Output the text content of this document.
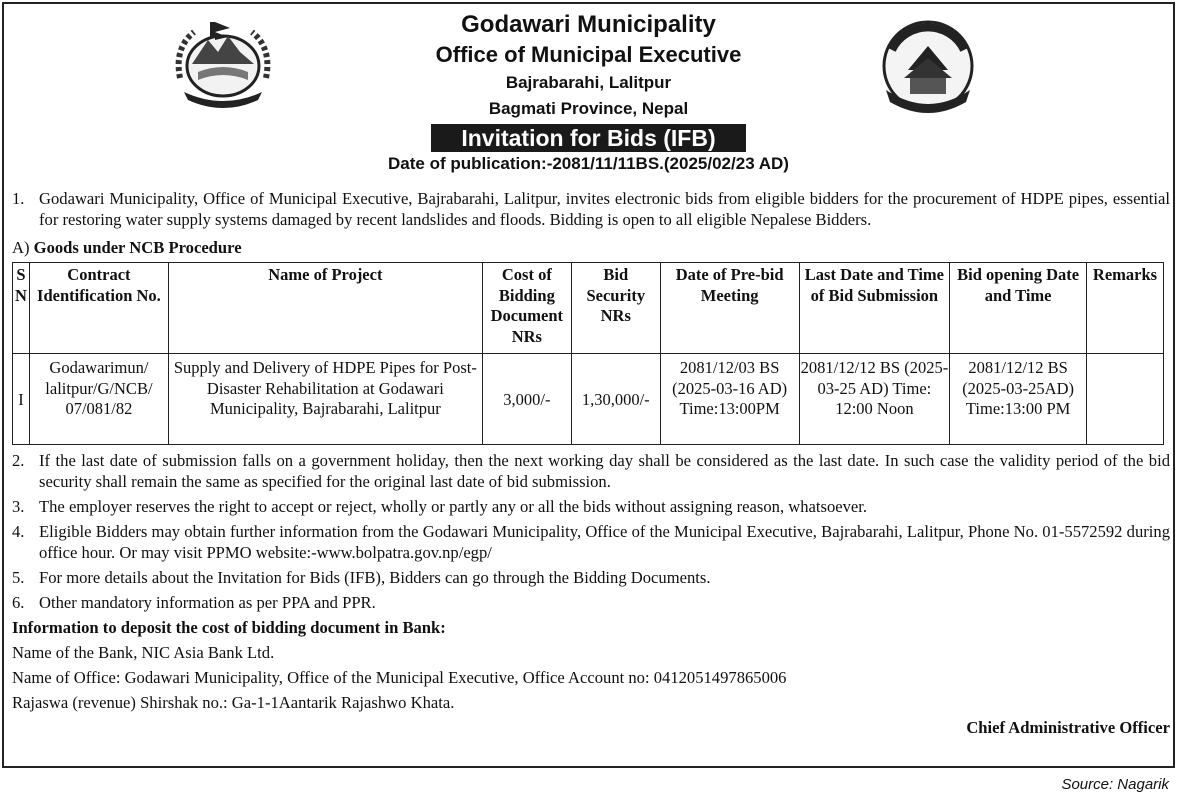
Godawari Municipality
Office of Municipal Executive
Bajrabarahi, Lalitpur
Bagmati Province, Nepal
Invitation for Bids (IFB)
Date of publication:-2081/11/11BS.(2025/02/23 AD)
1. Godawari Municipality, Office of Municipal Executive, Bajrabarahi, Lalitpur, invites electronic bids from eligible bidders for the procurement of HDPE pipes, essential for restoring water supply systems damaged by recent landslides and floods. Bidding is open to all eligible Nepalese Bidders.
A) Goods under NCB Procedure
S N	Contract Identification No.	Name of Project	Cost of Bidding Document NRs	Bid Security NRs	Date of Pre-bid Meeting	Last Date and Time of Bid Submission	Bid opening Date and Time	Remarks
I	Godawarimun/ lalitpur/G/NCB/ 07/081/82	Supply and Delivery of HDPE Pipes for Post-Disaster Rehabilitation at Godawari Municipality, Bajrabarahi, Lalitpur	3,000/-	1,30,000/-	2081/12/03 BS (2025-03-16 AD) Time:13:00PM	2081/12/12 BS (2025-03-25 AD) Time: 12:00 Noon	2081/12/12 BS (2025-03-25AD) Time:13:00 PM	
2. If the last date of submission falls on a government holiday, then the next working day shall be considered as the last date. In such case the validity period of the bid security shall remain the same as specified for the original last date of bid submission.
3. The employer reserves the right to accept or reject, wholly or partly any or all the bids without assigning reason, whatsoever.
4. Eligible Bidders may obtain further information from the Godawari Municipality, Office of the Municipal Executive, Bajrabarahi, Lalitpur, Phone No. 01-5572592 during office hour. Or may visit PPMO website:-www.bolpatra.gov.np/egp/
5. For more details about the Invitation for Bids (IFB), Bidders can go through the Bidding Documents.
6. Other mandatory information as per PPA and PPR.
Information to deposit the cost of bidding document in Bank:
Name of the Bank, NIC Asia Bank Ltd.
Name of Office: Godawari Municipality, Office of the Municipal Executive, Office Account no: 0412051497865006
Rajaswa (revenue) Shirshak no.: Ga-1-1Aantarik Rajashwo Khata.
Chief Administrative Officer
Source: Nagarik
